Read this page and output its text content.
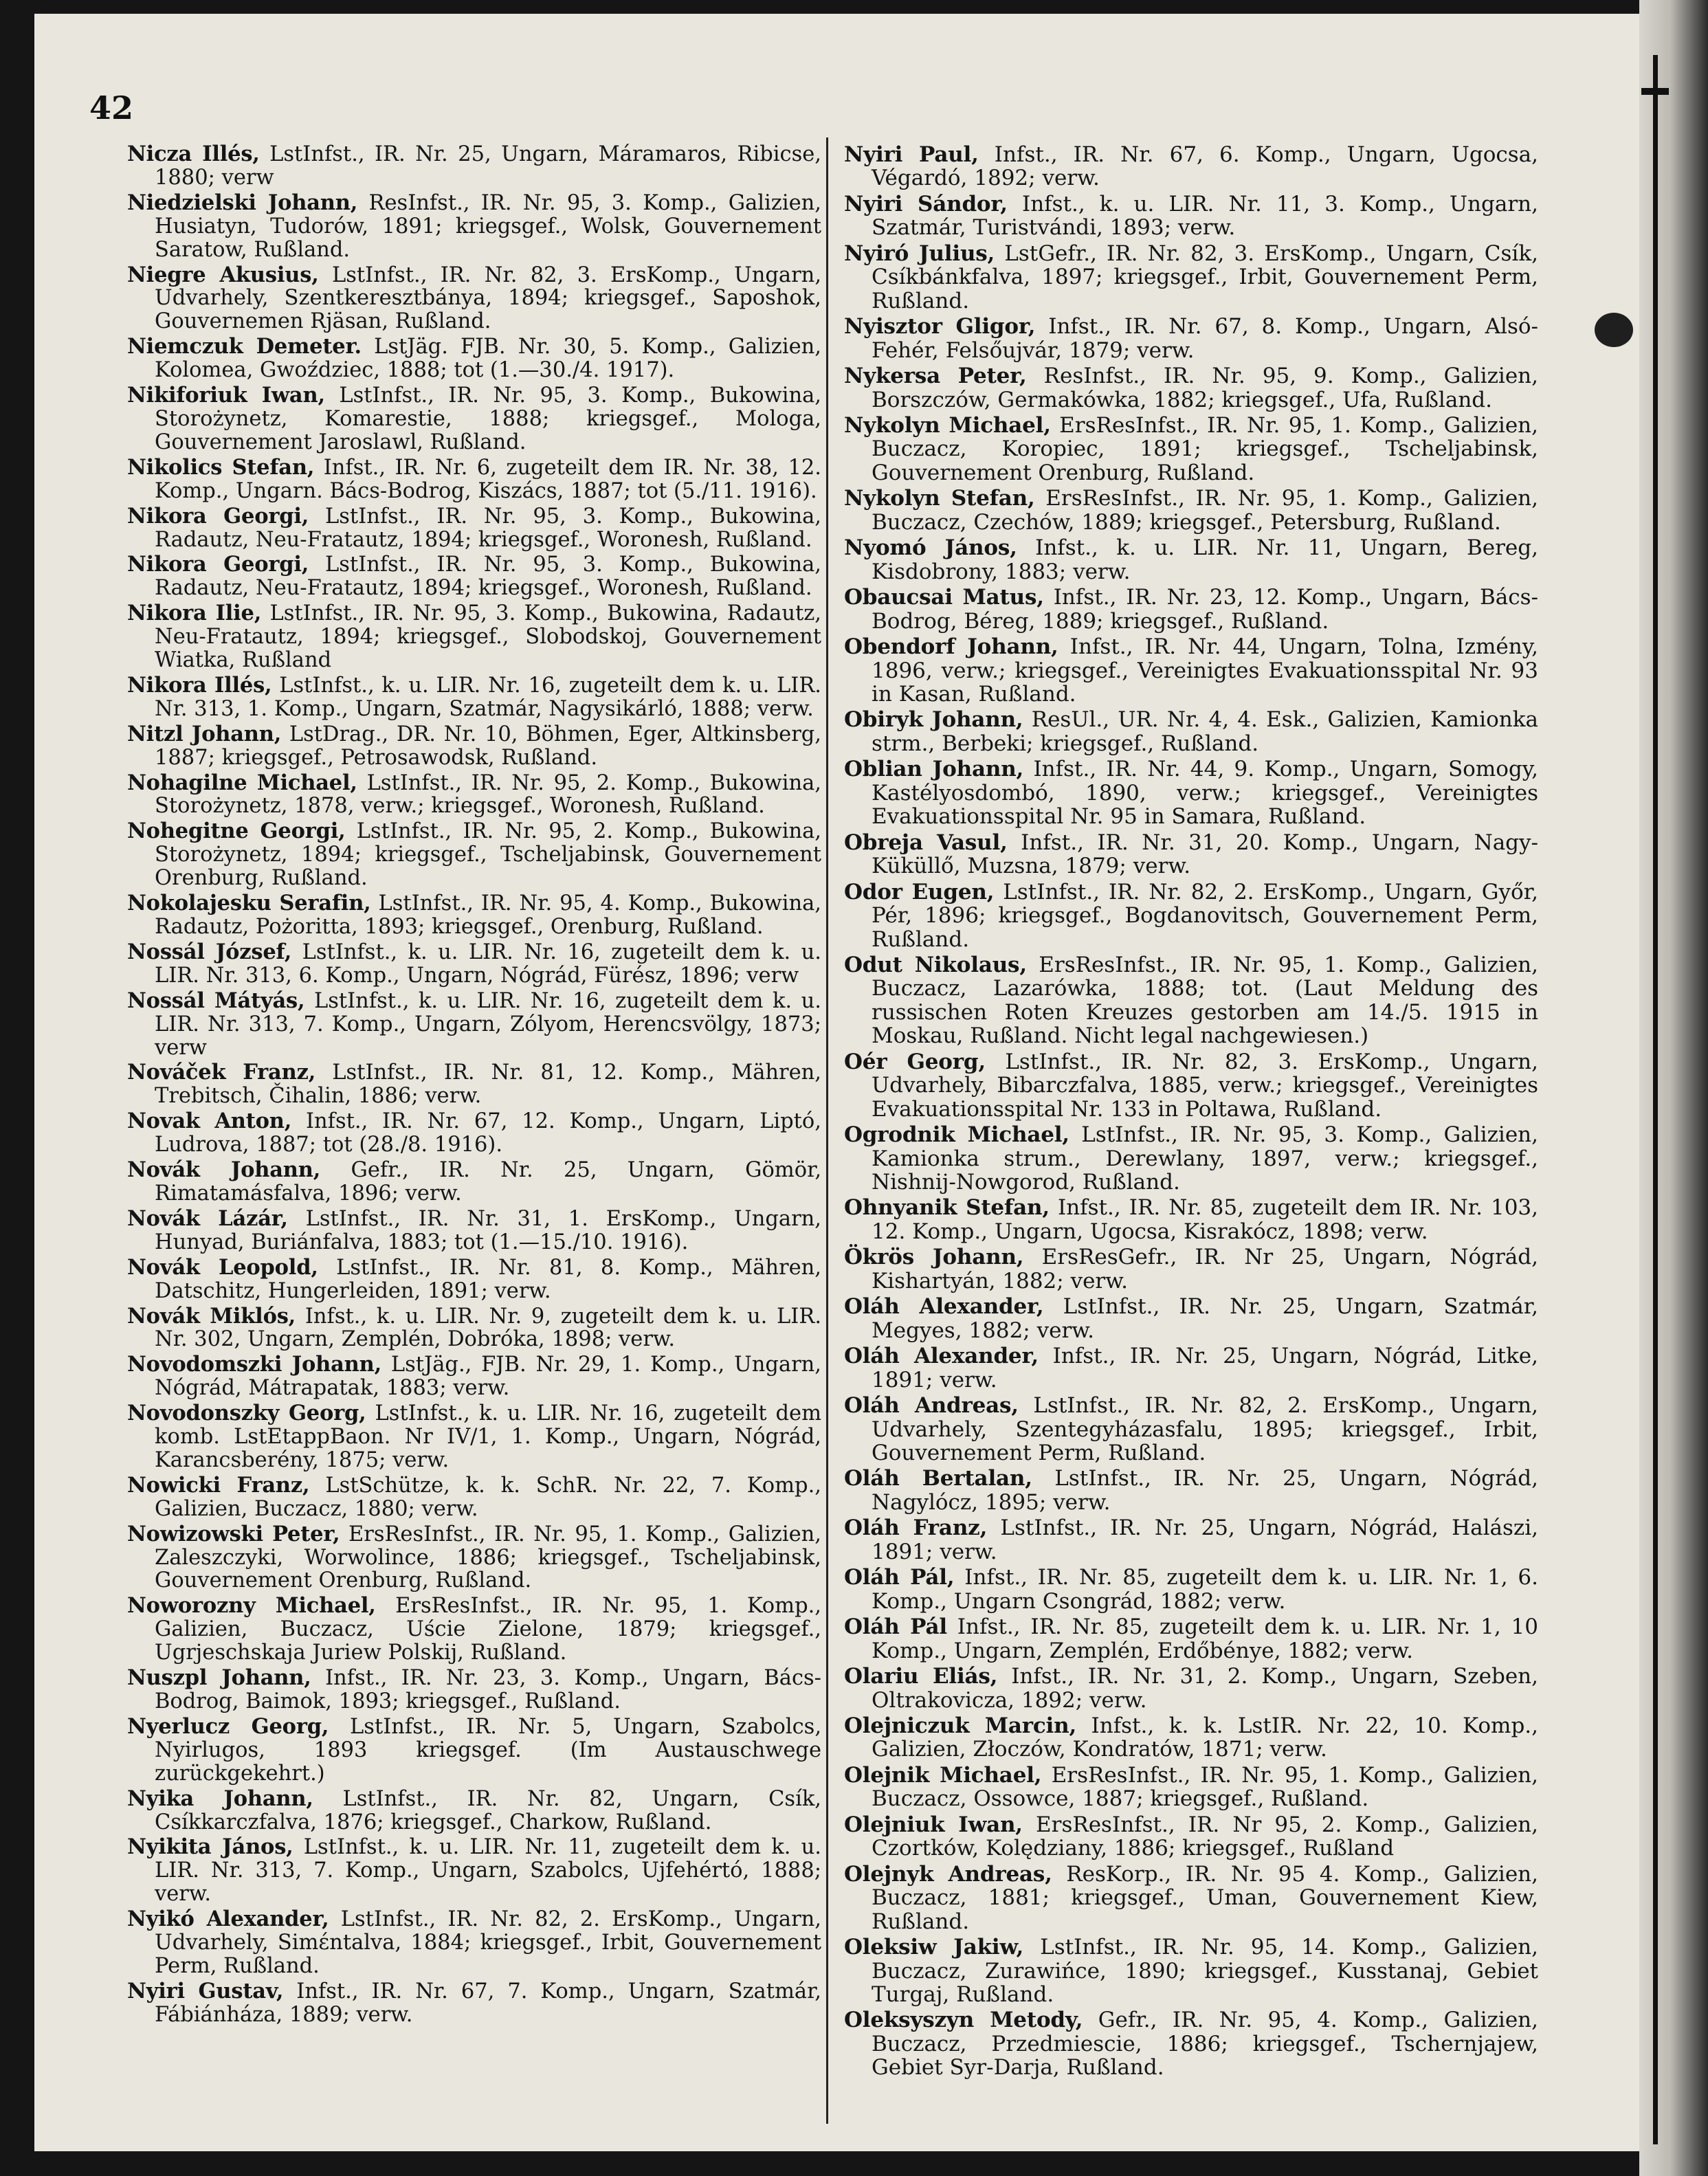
42

Nicza Illés, LstInfst., IR. Nr. 25, Ungarn, Máramaros, Ribicse, 1880; verw

Niedzielski Johann, ResInfst., IR. Nr. 95, 3. Komp., Galizien, Husiatyn, Tudorów, 1891; kriegsgef., Wolsk, Gouvernement Saratow, Rußland.

Niegre Akusius, LstInfst., IR. Nr. 82, 3. ErsKomp., Ungarn, Udvarhely, Szentkeresztbánya, 1894; kriegsgef., Saposhok, Gouvernemen Rjäsan, Rußland.

Niemczuk Demeter. LstJäg. FJB. Nr. 30, 5. Komp., Galizien, Kolomea, Gwoździec, 1888; tot (1.—30./4. 1917).

Nikiforiuk Iwan, LstInfst., IR. Nr. 95, 3. Komp., Bukowina, Storożynetz, Komarestie, 1888; kriegsgef., Mologa, Gouvernement Jaroslawl, Rußland.

Nikolics Stefan, Infst., IR. Nr. 6, zugeteilt dem IR. Nr. 38, 12. Komp., Ungarn. Bács-Bodrog, Kiszács, 1887; tot (5./11. 1916).

Nikora Georgi, LstInfst., IR. Nr. 95, 3. Komp., Bukowina, Radautz, Neu-Fratautz, 1894; kriegsgef., Woronesh, Rußland.

Nikora Georgi, LstInfst., IR. Nr. 95, 3. Komp., Bukowina, Radautz, Neu-Fratautz, 1894; kriegsgef., Woronesh, Rußland.

Nikora Ilie, LstInfst., IR. Nr. 95, 3. Komp., Bukowina, Radautz, Neu-Fratautz, 1894; kriegsgef., Slobodskoj, Gouvernement Wiatka, Rußland

Nikora Illés, LstInfst., k. u. LIR. Nr. 16, zugeteilt dem k. u. LIR. Nr. 313, 1. Komp., Ungarn, Szatmár, Nagysikárló, 1888; verw.

Nitzl Johann, LstDrag., DR. Nr. 10, Böhmen, Eger, Altkinsberg, 1887; kriegsgef., Petrosawodsk, Rußland.

Nohagilne Michael, LstInfst., IR. Nr. 95, 2. Komp., Bukowina, Storożynetz, 1878, verw.; kriegsgef., Woronesh, Rußland.

Nohegitne Georgi, LstInfst., IR. Nr. 95, 2. Komp., Bukowina, Storożynetz, 1894; kriegsgef., Tscheljabinsk, Gouvernement Orenburg, Rußland.

Nokolajesku Serafin, LstInfst., IR. Nr. 95, 4. Komp., Bukowina, Radautz, Pożoritta, 1893; kriegsgef., Orenburg, Rußland.

Nossál József, LstInfst., k. u. LIR. Nr. 16, zugeteilt dem k. u. LIR. Nr. 313, 6. Komp., Ungarn, Nógrád, Fürész, 1896; verw

Nossál Mátyás, LstInfst., k. u. LIR. Nr. 16, zugeteilt dem k. u. LIR. Nr. 313, 7. Komp., Ungarn, Zólyom, Herencsvölgy, 1873; verw

Nováček Franz, LstInfst., IR. Nr. 81, 12. Komp., Mähren, Trebitsch, Čihalin, 1886; verw.

Novak Anton, Infst., IR. Nr. 67, 12. Komp., Ungarn, Liptó, Ludrova, 1887; tot (28./8. 1916).

Novák Johann, Gefr., IR. Nr. 25, Ungarn, Gömör, Rimatamásfalva, 1896; verw.

Novák Lázár, LstInfst., IR. Nr. 31, 1. ErsKomp., Ungarn, Hunyad, Buriánfalva, 1883; tot (1.—15./10. 1916).

Novák Leopold, LstInfst., IR. Nr. 81, 8. Komp., Mähren, Datschitz, Hungerleiden, 1891; verw.

Novák Miklós, Infst., k. u. LIR. Nr. 9, zugeteilt dem k. u. LIR. Nr. 302, Ungarn, Zemplén, Dobróka, 1898; verw.

Novodomszki Johann, LstJäg., FJB. Nr. 29, 1. Komp., Ungarn, Nógrád, Mátrapatak, 1883; verw.

Novodonszky Georg, LstInfst., k. u. LIR. Nr. 16, zugeteilt dem komb. LstEtappBaon. Nr IV/1, 1. Komp., Ungarn, Nógrád, Karancsberény, 1875; verw.

Nowicki Franz, LstSchütze, k. k. SchR. Nr. 22, 7. Komp., Galizien, Buczacz, 1880; verw.

Nowizowski Peter, ErsResInfst., IR. Nr. 95, 1. Komp., Galizien, Zaleszczyki, Worwolince, 1886; kriegsgef., Tscheljabinsk, Gouvernement Orenburg, Rußland.

Noworozny Michael, ErsResInfst., IR. Nr. 95, 1. Komp., Galizien, Buczacz, Uście Zielone, 1879; kriegsgef., Ugrjeschskaja Juriew Polskij, Rußland.

Nuszpl Johann, Infst., IR. Nr. 23, 3. Komp., Ungarn, Bács-Bodrog, Baimok, 1893; kriegsgef., Rußland.

Nyerlucz Georg, LstInfst., IR. Nr. 5, Ungarn, Szabolcs, Nyirlugos, 1893 kriegsgef. (Im Austauschwege zurückgekehrt.)

Nyika Johann, LstInfst., IR. Nr. 82, Ungarn, Csík, Csíkkarczfalva, 1876; kriegsgef., Charkow, Rußland.

Nyikita János, LstInfst., k. u. LIR. Nr. 11, zugeteilt dem k. u. LIR. Nr. 313, 7. Komp., Ungarn, Szabolcs, Ujfehértó, 1888; verw.

Nyikó Alexander, LstInfst., IR. Nr. 82, 2. ErsKomp., Ungarn, Udvarhely, Simέntalva, 1884; kriegsgef., Irbit, Gouvernement Perm, Rußland.

Nyiri Gustav, Infst., IR. Nr. 67, 7. Komp., Ungarn, Szatmár, Fábiánháza, 1889; verw.

Nyiri Paul, Infst., IR. Nr. 67, 6. Komp., Ungarn, Ugocsa, Végardó, 1892; verw.

Nyiri Sándor, Infst., k. u. LIR. Nr. 11, 3. Komp., Ungarn, Szatmár, Turistvándi, 1893; verw.

Nyiró Julius, LstGefr., IR. Nr. 82, 3. ErsKomp., Ungarn, Csík, Csíkbánkfalva, 1897; kriegsgef., Irbit, Gouvernement Perm, Rußland.

Nyisztor Gligor, Infst., IR. Nr. 67, 8. Komp., Ungarn, Alsó-Fehér, Felsőujvár, 1879; verw.

Nykersa Peter, ResInfst., IR. Nr. 95, 9. Komp., Galizien, Borszczów, Germakówka, 1882; kriegsgef., Ufa, Rußland.

Nykolyn Michael, ErsResInfst., IR. Nr. 95, 1. Komp., Galizien, Buczacz, Koropiec, 1891; kriegsgef., Tscheljabinsk, Gouvernement Orenburg, Rußland.

Nykolyn Stefan, ErsResInfst., IR. Nr. 95, 1. Komp., Galizien, Buczacz, Czechów, 1889; kriegsgef., Petersburg, Rußland.

Nyomó János, Infst., k. u. LIR. Nr. 11, Ungarn, Bereg, Kisdobrony, 1883; verw.

Obaucsai Matus, Infst., IR. Nr. 23, 12. Komp., Ungarn, Bács-Bodrog, Béreg, 1889; kriegsgef., Rußland.

Obendorf Johann, Infst., IR. Nr. 44, Ungarn, Tolna, Izmény, 1896, verw.; kriegsgef., Vereinigtes Evakuationsspital Nr. 93 in Kasan, Rußland.

Obiryk Johann, ResUl., UR. Nr. 4, 4. Esk., Galizien, Kamionka strm., Berbeki; kriegsgef., Rußland.

Oblian Johann, Infst., IR. Nr. 44, 9. Komp., Ungarn, Somogy, Kastélyosdombó, 1890, verw.; kriegsgef., Vereinigtes Evakuationsspital Nr. 95 in Samara, Rußland.

Obreja Vasul, Infst., IR. Nr. 31, 20. Komp., Ungarn, Nagy-Küküllő, Muzsna, 1879; verw.

Odor Eugen, LstInfst., IR. Nr. 82, 2. ErsKomp., Ungarn, Győr, Pér, 1896; kriegsgef., Bogdanovitsch, Gouvernement Perm, Rußland.

Odut Nikolaus, ErsResInfst., IR. Nr. 95, 1. Komp., Galizien, Buczacz, Lazarówka, 1888; tot. (Laut Meldung des russischen Roten Kreuzes gestorben am 14./5. 1915 in Moskau, Rußland. Nicht legal nachgewiesen.)

Oér Georg, LstInfst., IR. Nr. 82, 3. ErsKomp., Ungarn, Udvarhely, Bibarczfalva, 1885, verw.; kriegsgef., Vereinigtes Evakuationsspital Nr. 133 in Poltawa, Rußland.

Ogrodnik Michael, LstInfst., IR. Nr. 95, 3. Komp., Galizien, Kamionka strum., Derewlany, 1897, verw.; kriegsgef., Nishnij-Nowgorod, Rußland.

Ohnyanik Stefan, Infst., IR. Nr. 85, zugeteilt dem IR. Nr. 103, 12. Komp., Ungarn, Ugocsa, Kisrakócz, 1898; verw.

Ökrös Johann, ErsResGefr., IR. Nr 25, Ungarn, Nógrád, Kishartyán, 1882; verw.

Oláh Alexander, LstInfst., IR. Nr. 25, Ungarn, Szatmár, Megyes, 1882; verw.

Oláh Alexander, Infst., IR. Nr. 25, Ungarn, Nógrád, Litke, 1891; verw.

Oláh Andreas, LstInfst., IR. Nr. 82, 2. ErsKomp., Ungarn, Udvarhely, Szentegyházasfalu, 1895; kriegsgef., Irbit, Gouvernement Perm, Rußland.

Oláh Bertalan, LstInfst., IR. Nr. 25, Ungarn, Nógrád, Nagylócz, 1895; verw.

Oláh Franz, LstInfst., IR. Nr. 25, Ungarn, Nógrád, Halászi, 1891; verw.

Oláh Pál, Infst., IR. Nr. 85, zugeteilt dem k. u. LIR. Nr. 1, 6. Komp., Ungarn Csongrád, 1882; verw.

Oláh Pál Infst., IR. Nr. 85, zugeteilt dem k. u. LIR. Nr. 1, 10 Komp., Ungarn, Zemplén, Erdőbénye, 1882; verw.

Olariu Eliás, Infst., IR. Nr. 31, 2. Komp., Ungarn, Szeben, Oltrakovicza, 1892; verw.

Olejniczuk Marcin, Infst., k. k. LstIR. Nr. 22, 10. Komp., Galizien, Złoczów, Kondratów, 1871; verw.

Olejnik Michael, ErsResInfst., IR. Nr. 95, 1. Komp., Galizien, Buczacz, Ossowce, 1887; kriegsgef., Rußland.

Olejniuk Iwan, ErsResInfst., IR. Nr 95, 2. Komp., Galizien, Czortków, Kolędziany, 1886; kriegsgef., Rußland

Olejnyk Andreas, ResKorp., IR. Nr. 95 4. Komp., Galizien, Buczacz, 1881; kriegsgef., Uman, Gouvernement Kiew, Rußland.

Oleksiw Jakiw, LstInfst., IR. Nr. 95, 14. Komp., Galizien, Buczacz, Zurawińce, 1890; kriegsgef., Kusstanaj, Gebiet Turgaj, Rußland.

Oleksyszyn Metody, Gefr., IR. Nr. 95, 4. Komp., Galizien, Buczacz, Przedmiescie, 1886; kriegsgef., Tschernjajew, Gebiet Syr-Darja, Rußland.
